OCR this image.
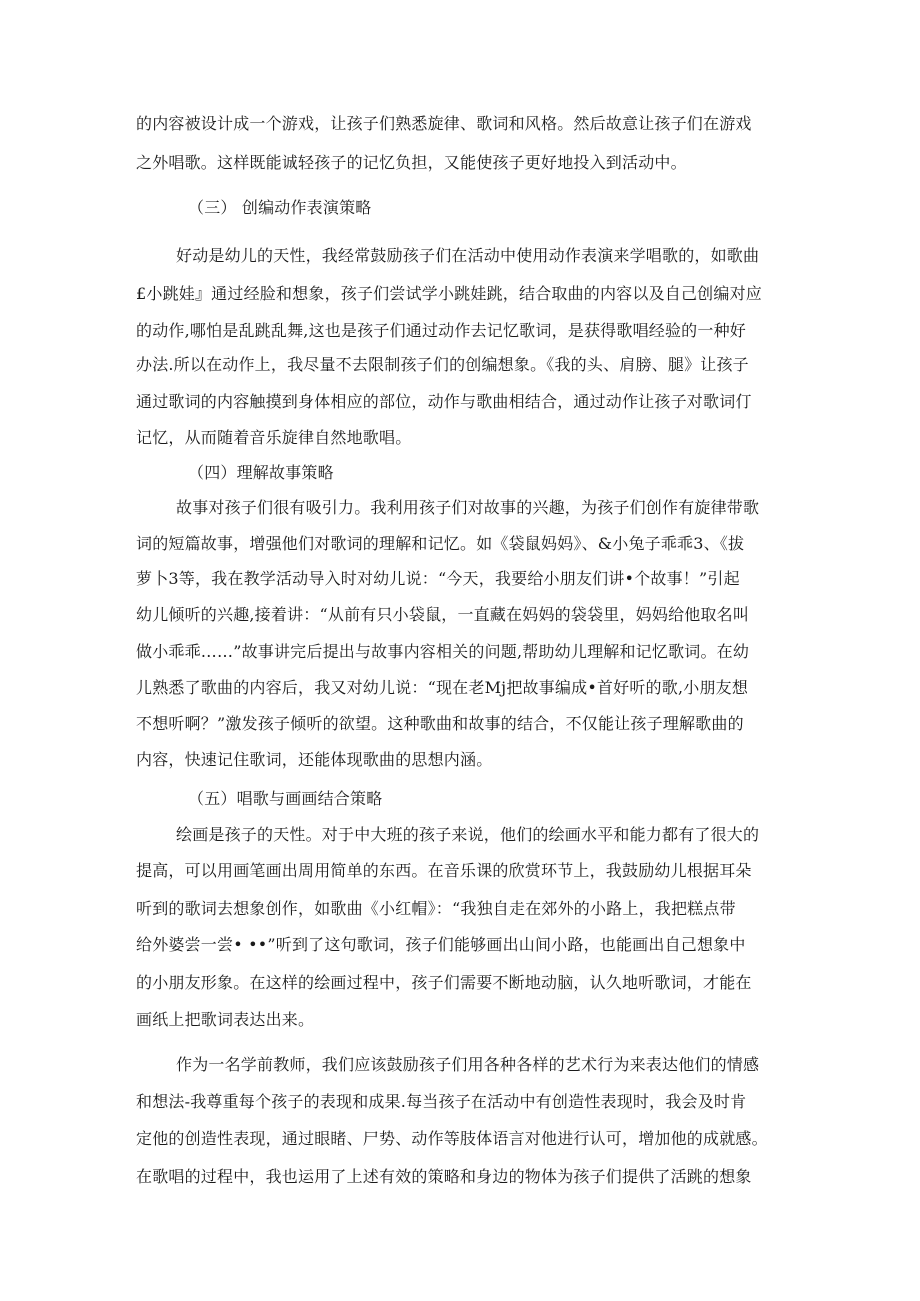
的内容被设计成一个游戏，让孩子们熟悉旋律、歌词和风格。然后故意让孩子们在游戏
之外唱歌。这样既能诚轻孩子的记忆负担，又能使孩子更好地投入到活动中。
（三） 创编动作表演策略
好动是幼儿的天性，我经常鼓励孩子们在活动中使用动作表演来学唱歌的，如歌曲
£小跳娃』通过经脸和想象，孩子们尝试学小跳娃跳，结合取曲的内容以及自己创编对应
的动作,哪怕是乱跳乱舞,这也是孩子们通过动作去记忆歌词，是获得歌唱经验的一种好
办法.所以在动作上，我尽量不去限制孩子们的创编想象。《我的头、肩膀、腿》让孩子
通过歌词的内容触摸到身体相应的部位，动作与歌曲相结合，通过动作让孩子对歌词仃
记忆，从而随着音乐旋律自然地歌唱。
（四）理解故事策略
故事对孩子们很有吸引力。我利用孩子们对故事的兴趣，为孩子们创作有旋律带歌
词的短篇故事，增强他们对歌词的理解和记忆。如《袋鼠妈妈》、&小兔子乖乖3、《拔
萝卜3等，我在教学活动导入时对幼儿说：“今天，我要给小朋友们讲•个故事！”引起
幼儿倾听的兴趣,接着讲：“从前有只小袋鼠，一直藏在妈妈的袋袋里，妈妈给他取名叫
做小乖乖……”故事讲完后提出与故事内容相关的问题,帮助幼儿理解和记忆歌词。在幼
儿熟悉了歌曲的内容后，我又对幼儿说：“现在老Mj把故事编成•首好听的歌,小朋友想
不想听啊？”激发孩子倾听的欲望。这种歌曲和故事的结合，不仅能让孩子理解歌曲的
内容，快速记住歌词，还能体现歌曲的思想内涵。
（五）唱歌与画画结合策略
绘画是孩子的天性。对于中大班的孩子来说，他们的绘画水平和能力都有了很大的
提高，可以用画笔画出周用简单的东西。在音乐课的欣赏环节上，我鼓励幼儿根据耳朵
听到的歌词去想象创作，如歌曲《小红帽》：“我独自走在郊外的小路上，我把糕点带
给外婆尝一尝• ••”听到了这句歌词，孩子们能够画出山间小路，也能画出自己想象中
的小朋友形象。在这样的绘画过程中，孩子们需要不断地动脑，认久地听歌词，才能在
画纸上把歌词表达出来。
作为一名学前教师，我们应该鼓励孩子们用各种各样的艺术行为来表达他们的情感
和想法-我尊重每个孩子的表现和成果.每当孩子在活动中有创造性表现时，我会及时肯
定他的创造性表现，通过眼睹、尸势、动作等肢体语言对他进行认可，增加他的成就感。
在歌唱的过程中，我也运用了上述有效的策略和身边的物体为孩子们提供了活跳的想象
